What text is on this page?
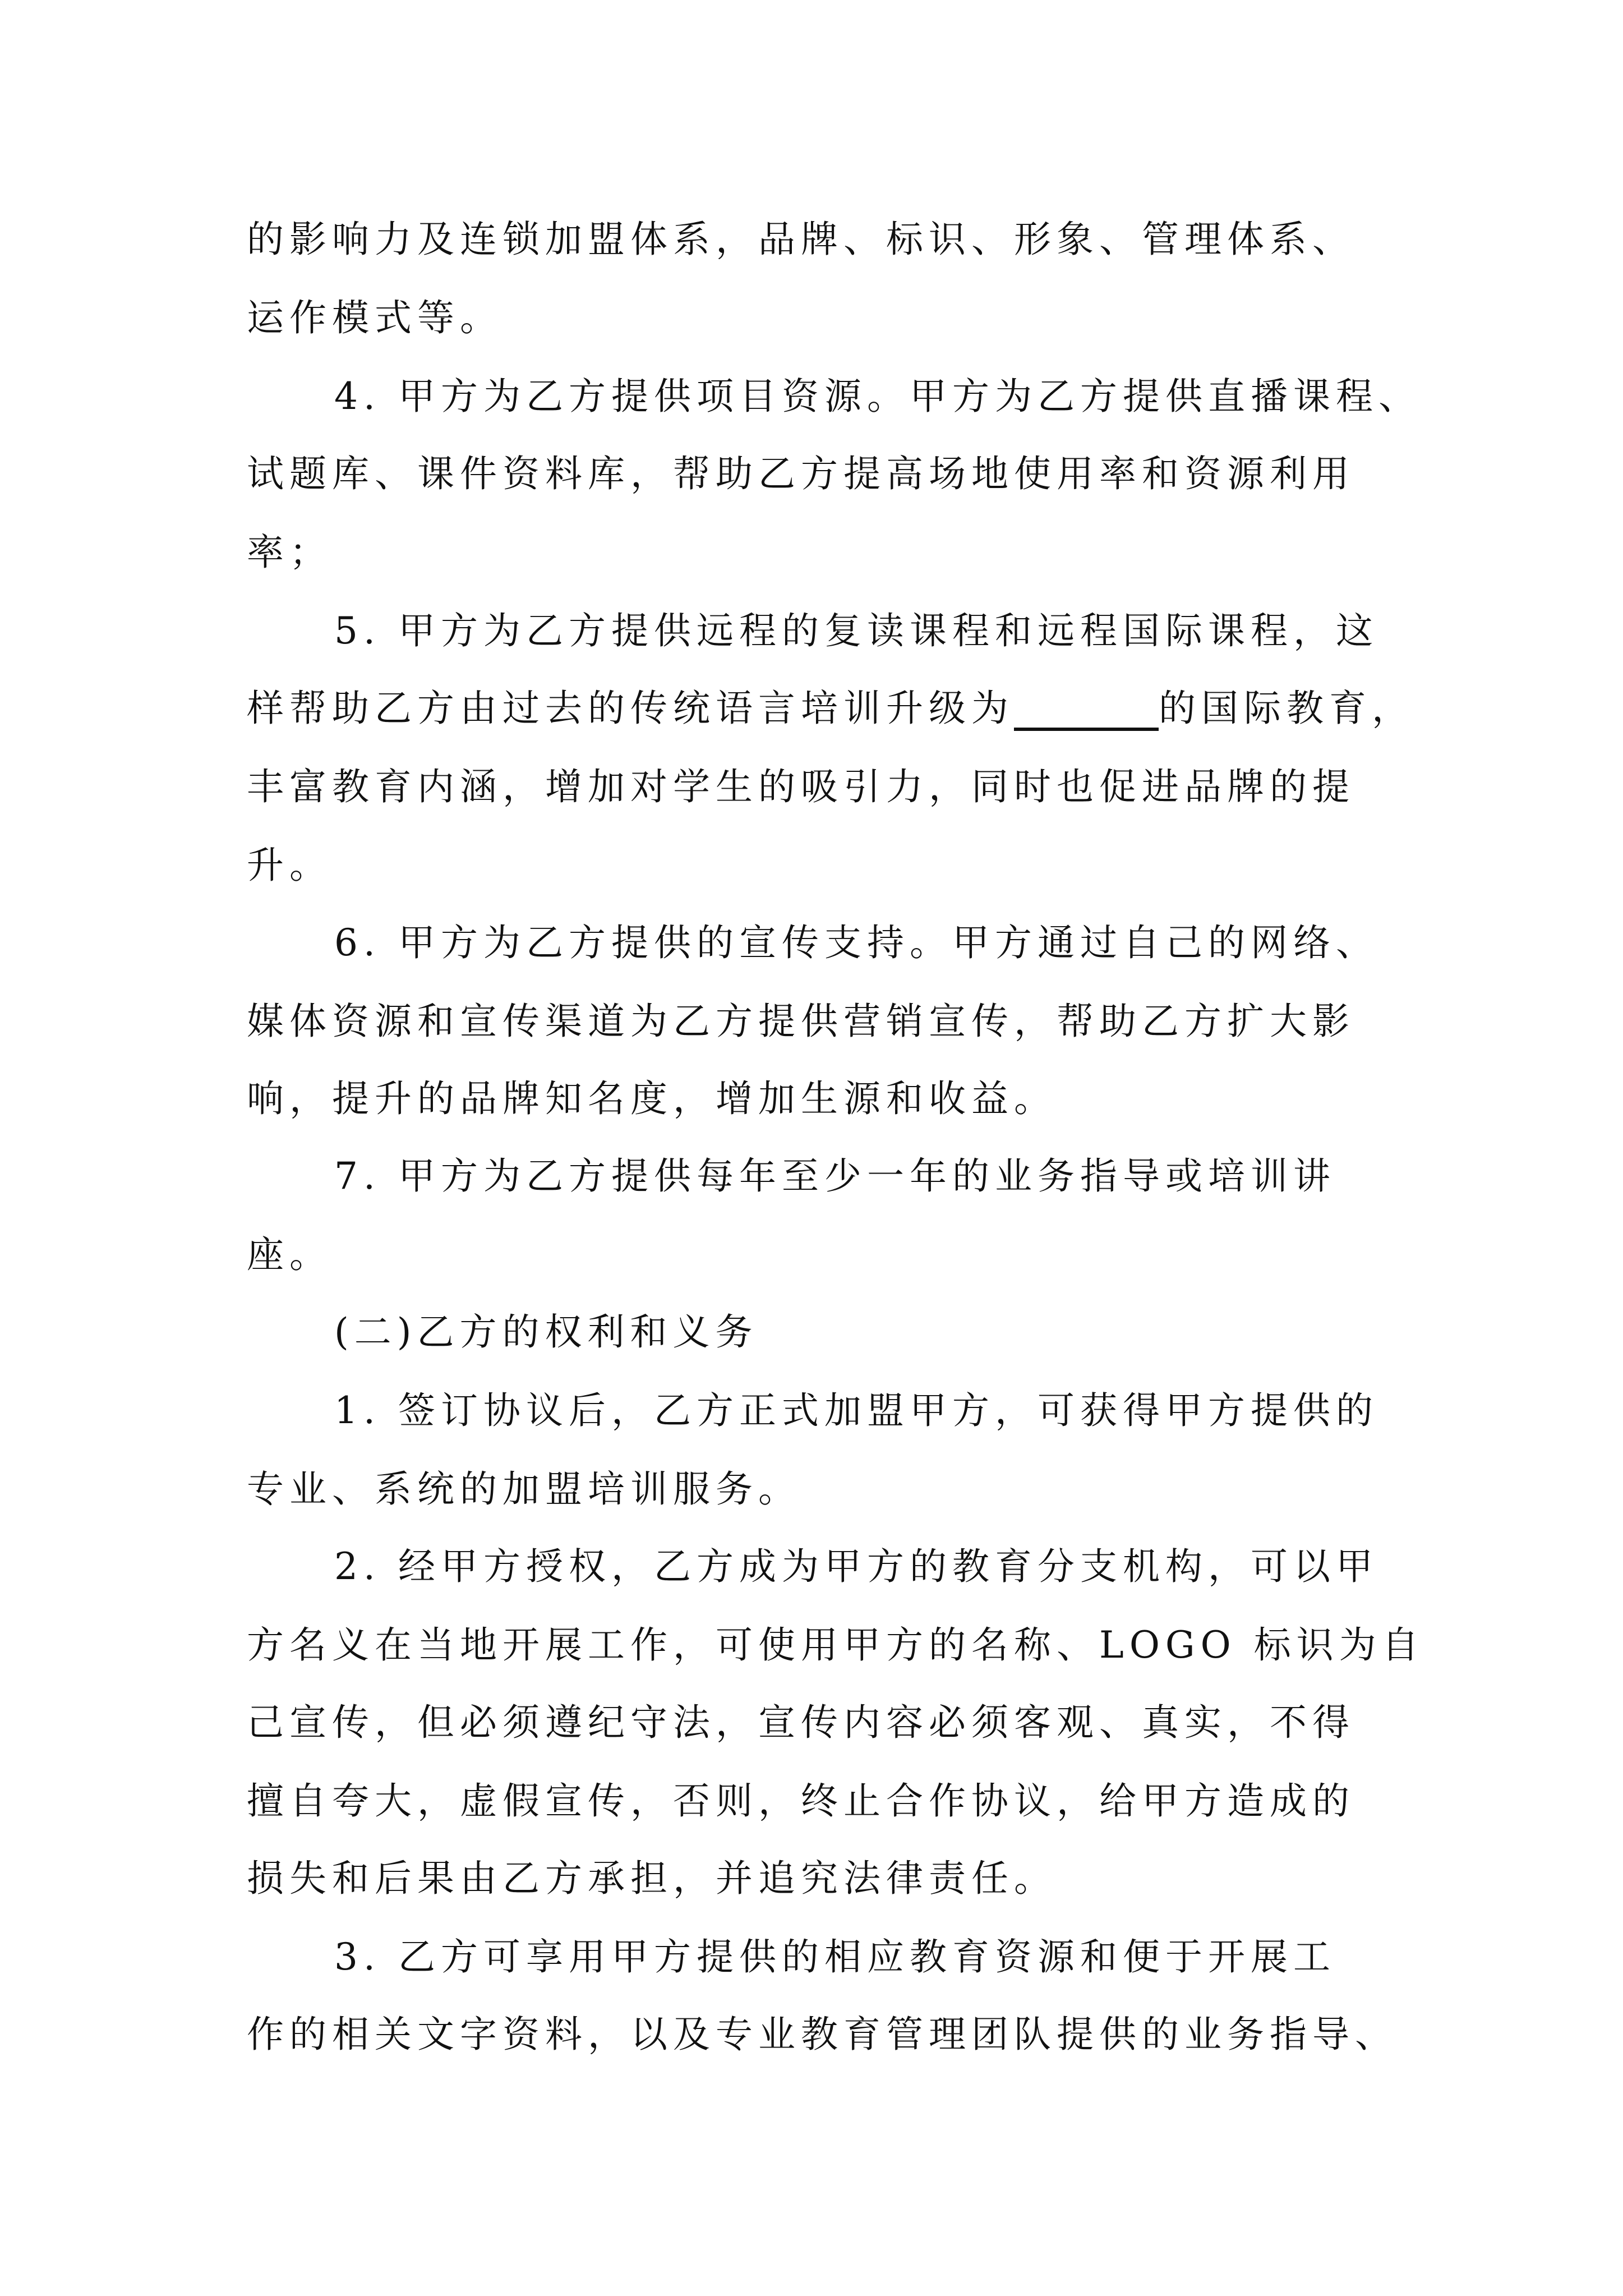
的影响力及连锁加盟体系，品牌、标识、形象、管理体系、
运作模式等。
4. 甲方为乙方提供项目资源。甲方为乙方提供直播课程、
试题库、课件资料库，帮助乙方提高场地使用率和资源利用
率；
5. 甲方为乙方提供远程的复读课程和远程国际课程，这
样帮助乙方由过去的传统语言培训升级为______的国际教育，
丰富教育内涵，增加对学生的吸引力，同时也促进品牌的提
升。
6. 甲方为乙方提供的宣传支持。甲方通过自己的网络、
媒体资源和宣传渠道为乙方提供营销宣传，帮助乙方扩大影
响，提升的品牌知名度，增加生源和收益。
7. 甲方为乙方提供每年至少一年的业务指导或培训讲
座。
(二)乙方的权利和义务
1. 签订协议后，乙方正式加盟甲方，可获得甲方提供的
专业、系统的加盟培训服务。
2. 经甲方授权，乙方成为甲方的教育分支机构，可以甲
方名义在当地开展工作，可使用甲方的名称、LOGO 标识为自
己宣传，但必须遵纪守法，宣传内容必须客观、真实，不得
擅自夸大，虚假宣传，否则，终止合作协议，给甲方造成的
损失和后果由乙方承担，并追究法律责任。
3. 乙方可享用甲方提供的相应教育资源和便于开展工
作的相关文字资料，以及专业教育管理团队提供的业务指导、
